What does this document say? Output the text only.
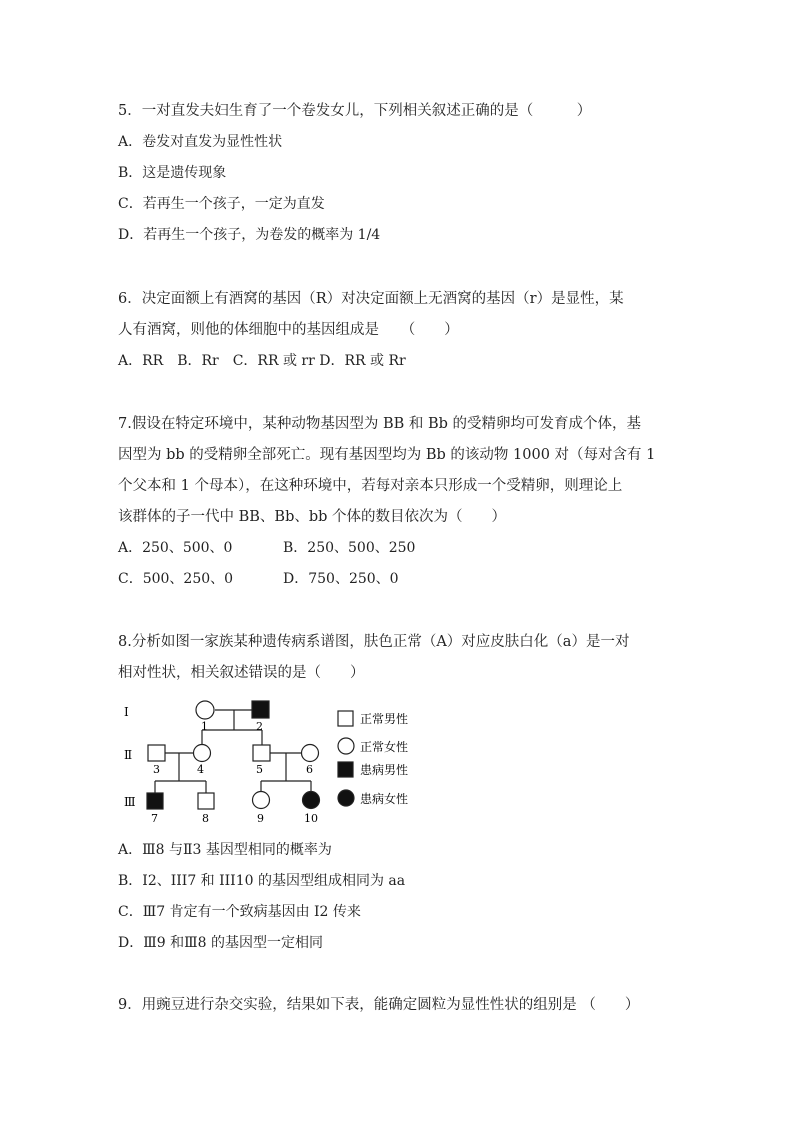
5．一对直发夫妇生育了一个卷发女儿，下列相关叙述正确的是（　　　）
A．卷发对直发为显性性状
B．这是遗传现象
C．若再生一个孩子，一定为直发
D．若再生一个孩子，为卷发的概率为 1/4
6．决定面额上有酒窝的基因（R）对决定面额上无酒窝的基因（r）是显性，某
人有酒窝，则他的体细胞中的基因组成是　　（　　）
A．RR　B．Rr　C．RR 或 rr D．RR 或 Rr
7.假设在特定环境中，某种动物基因型为 BB 和 Bb 的受精卵均可发育成个体，基
因型为 bb 的受精卵全部死亡。现有基因型均为 Bb 的该动物 1000 对（每对含有 1
个父本和 1 个母本），在这种环境中，若每对亲本只形成一个受精卵，则理论上
该群体的子一代中 BB、Bb、bb 个体的数目依次为（　　）
A．250、500、0	B．250、500、250
C．500、250、0	D．750、250、0
8.分析如图一家族某种遗传病系谱图，肤色正常（A）对应皮肤白化（a）是一对
相对性状，相关叙述错误的是（　　）
Ⅰ
Ⅱ
Ⅲ
1	2
3	4	5	6
7	8	9	10
正常男性
正常女性
患病男性
患病女性
A．Ⅲ8 与Ⅱ3 基因型相同的概率为
B．I2、III7 和 III10 的基因型组成相同为 aa
C．Ⅲ7 肯定有一个致病基因由 I2 传来
D．Ⅲ9 和Ⅲ8 的基因型一定相同
9．用豌豆进行杂交实验，结果如下表，能确定圆粒为显性性状的组别是 （　　）
